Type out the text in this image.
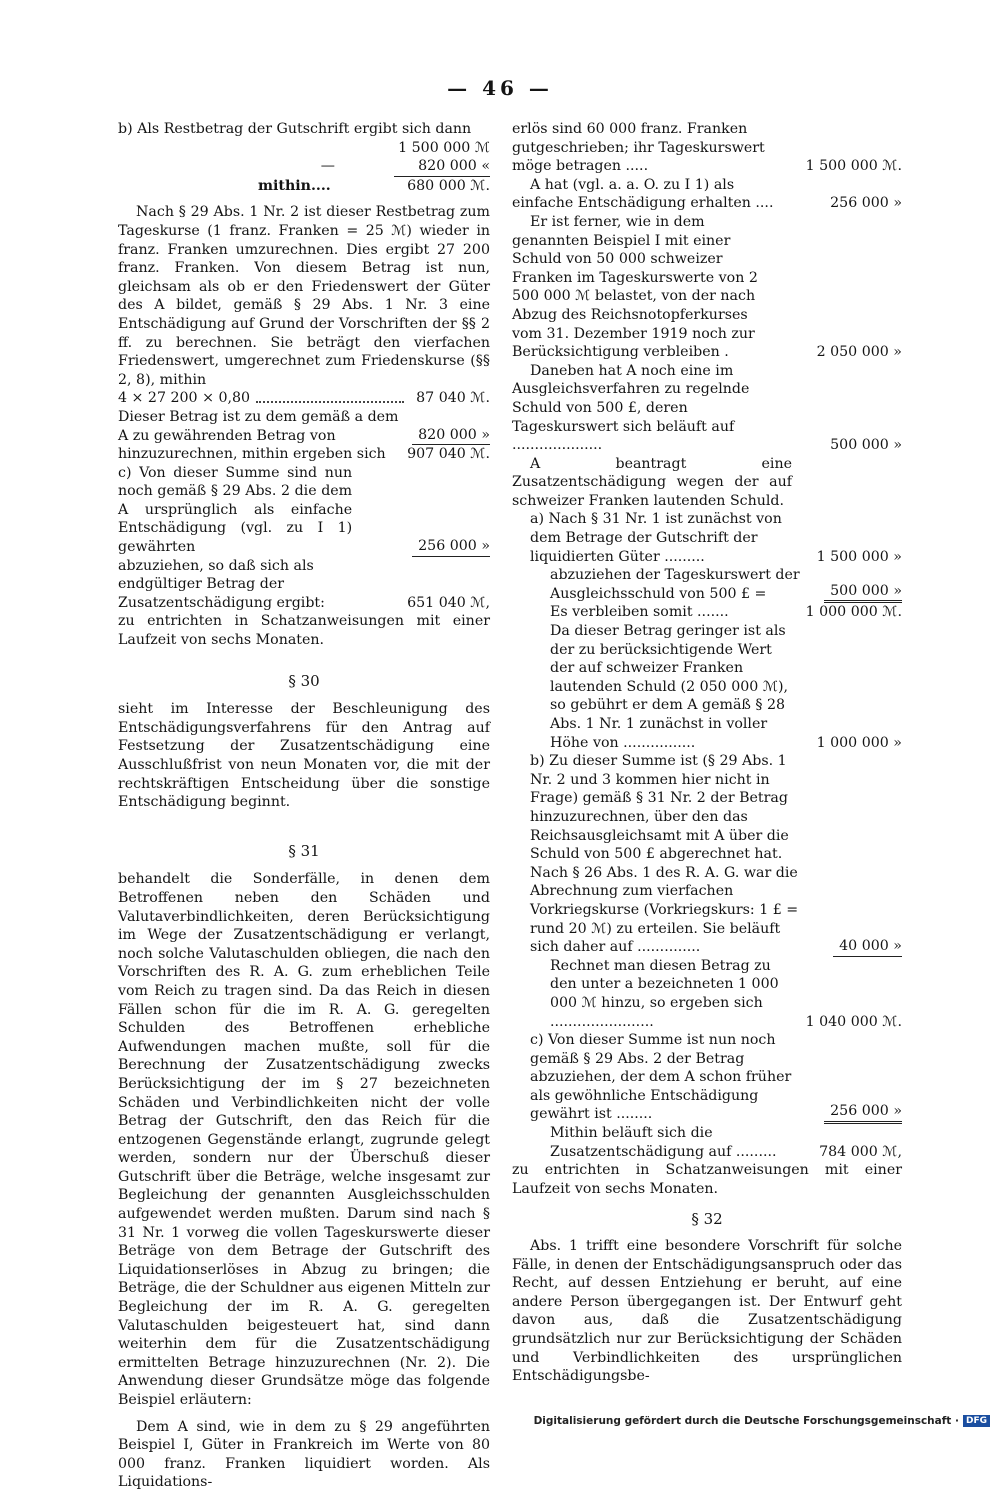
— 46 —

b) Als Restbetrag der Gutschrift ergibt sich dann

1 500 000 ℳ
—	820 000 «
mithin....	680 000 ℳ.

Nach § 29 Abs. 1 Nr. 2 ist dieser Restbetrag zum Tageskurse (1 franz. Franken = 25 ℳ) wieder in franz. Franken umzurechnen. Dies ergibt 27 200 franz. Franken. Von diesem Betrag ist nun, gleichsam als ob er den Friedenswert der Güter des A bildet, gemäß § 29 Abs. 1 Nr. 3 eine Entschädigung auf Grund der Vorschriften der §§ 2 ff. zu berechnen. Sie beträgt den vierfachen Friedenswert, umgerechnet zum Friedenskurse (§§ 2, 8), mithin

4 × 27 200 × 0,80	87 040 ℳ.
Dieser Betrag ist zu dem gemäß a dem A zu gewährenden Betrag von	820 000 »
hinzuzurechnen, mithin ergeben sich	907 040 ℳ.
c) Von dieser Summe sind nun noch gemäß § 29 Abs. 2 die dem A ursprünglich als einfache Entschädigung (vgl. zu I 1) gewährten	256 000 »
abzuziehen, so daß sich als endgültiger Betrag der Zusatzentschädigung ergibt:	651 040 ℳ,

zu entrichten in Schatzanweisungen mit einer Laufzeit von sechs Monaten.

§ 30

sieht im Interesse der Beschleunigung des Entschädigungsverfahrens für den Antrag auf Festsetzung der Zusatzentschädigung eine Ausschlußfrist von neun Monaten vor, die mit der rechtskräftigen Entscheidung über die sonstige Entschädigung beginnt.

§ 31

behandelt die Sonderfälle, in denen dem Betroffenen neben den Schäden und Valutaverbindlichkeiten, deren Berücksichtigung im Wege der Zusatzentschädigung er verlangt, noch solche Valutaschulden obliegen, die nach den Vorschriften des R. A. G. zum erheblichen Teile vom Reich zu tragen sind. Da das Reich in diesen Fällen schon für die im R. A. G. geregelten Schulden des Betroffenen erhebliche Aufwendungen machen mußte, soll für die Berechnung der Zusatzentschädigung zwecks Berücksichtigung der im § 27 bezeichneten Schäden und Verbindlichkeiten nicht der volle Betrag der Gutschrift, den das Reich für die entzogenen Gegenstände erlangt, zugrunde gelegt werden, sondern nur der Überschuß dieser Gutschrift über die Beträge, welche insgesamt zur Begleichung der genannten Ausgleichsschulden aufgewendet werden mußten. Darum sind nach § 31 Nr. 1 vorweg die vollen Tageskurswerte dieser Beträge von dem Betrage der Gutschrift des Liquidationserlöses in Abzug zu bringen; die Beträge, die der Schuldner aus eigenen Mitteln zur Begleichung der im R. A. G. geregelten Valutaschulden beigesteuert hat, sind dann weiterhin dem für die Zusatzentschädigung ermittelten Betrage hinzuzurechnen (Nr. 2). Die Anwendung dieser Grundsätze möge das folgende Beispiel erläutern:

Dem A sind, wie in dem zu § 29 angeführten Beispiel I, Güter in Frankreich im Werte von 80 000 franz. Franken liquidiert worden. Als Liquidations-

erlös sind 60 000 franz. Franken gutgeschrieben; ihr Tageskurswert möge betragen .....	1 500 000 ℳ.
A hat (vgl. a. a. O. zu I 1) als einfache Entschädigung erhalten ....	256 000 »
Er ist ferner, wie in dem genannten Beispiel I mit einer Schuld von 50 000 schweizer Franken im Tageskurswerte von 2 500 000 ℳ belastet, von der nach Abzug des Reichsnotopferkurses vom 31. Dezember 1919 noch zur Berücksichtigung verbleiben .	2 050 000 »
Daneben hat A noch eine im Ausgleichsverfahren zu regelnde Schuld von 500 £, deren Tageskurswert sich beläuft auf ....................	500 000 »

A beantragt eine Zusatzentschädigung wegen der auf schweizer Franken lautenden Schuld.

a) Nach § 31 Nr. 1 ist zunächst von dem Betrage der Gutschrift der liquidierten Güter .........	1 500 000 »
abzuziehen der Tageskurswert der Ausgleichsschuld von 500 £ =	500 000 »
Es verbleiben somit .......	1 000 000 ℳ.
Da dieser Betrag geringer ist als der zu berücksichtigende Wert der auf schweizer Franken lautenden Schuld (2 050 000 ℳ), so gebührt er dem A gemäß § 28 Abs. 1 Nr. 1 zunächst in voller Höhe von ................	1 000 000 »
b) Zu dieser Summe ist (§ 29 Abs. 1 Nr. 2 und 3 kommen hier nicht in Frage) gemäß § 31 Nr. 2 der Betrag hinzuzurechnen, über den das Reichsausgleichsamt mit A über die Schuld von 500 £ abgerechnet hat. Nach § 26 Abs. 1 des R. A. G. war die Abrechnung zum vierfachen Vorkriegskurse (Vorkriegskurs: 1 £ = rund 20 ℳ) zu erteilen. Sie beläuft sich daher auf ..............	40 000 »
Rechnet man diesen Betrag zu den unter a bezeichneten 1 000 000 ℳ hinzu, so ergeben sich .......................	1 040 000 ℳ.
c) Von dieser Summe ist nun noch gemäß § 29 Abs. 2 der Betrag abzuziehen, der dem A schon früher als gewöhnliche Entschädigung gewährt ist ........	256 000 »
Mithin beläuft sich die Zusatzentschädigung auf .........	784 000 ℳ,

zu entrichten in Schatzanweisungen mit einer Laufzeit von sechs Monaten.

§ 32

Abs. 1 trifft eine besondere Vorschrift für solche Fälle, in denen der Entschädigungsanspruch oder das Recht, auf dessen Entziehung er beruht, auf eine andere Person übergegangen ist. Der Entwurf geht davon aus, daß die Zusatzentschädigung grundsätzlich nur zur Berücksichtigung der Schäden und Verbindlichkeiten des ursprünglichen Entschädigungsbe-

Digitalisierung gefördert durch die Deutsche Forschungsgemeinschaft · DFG
